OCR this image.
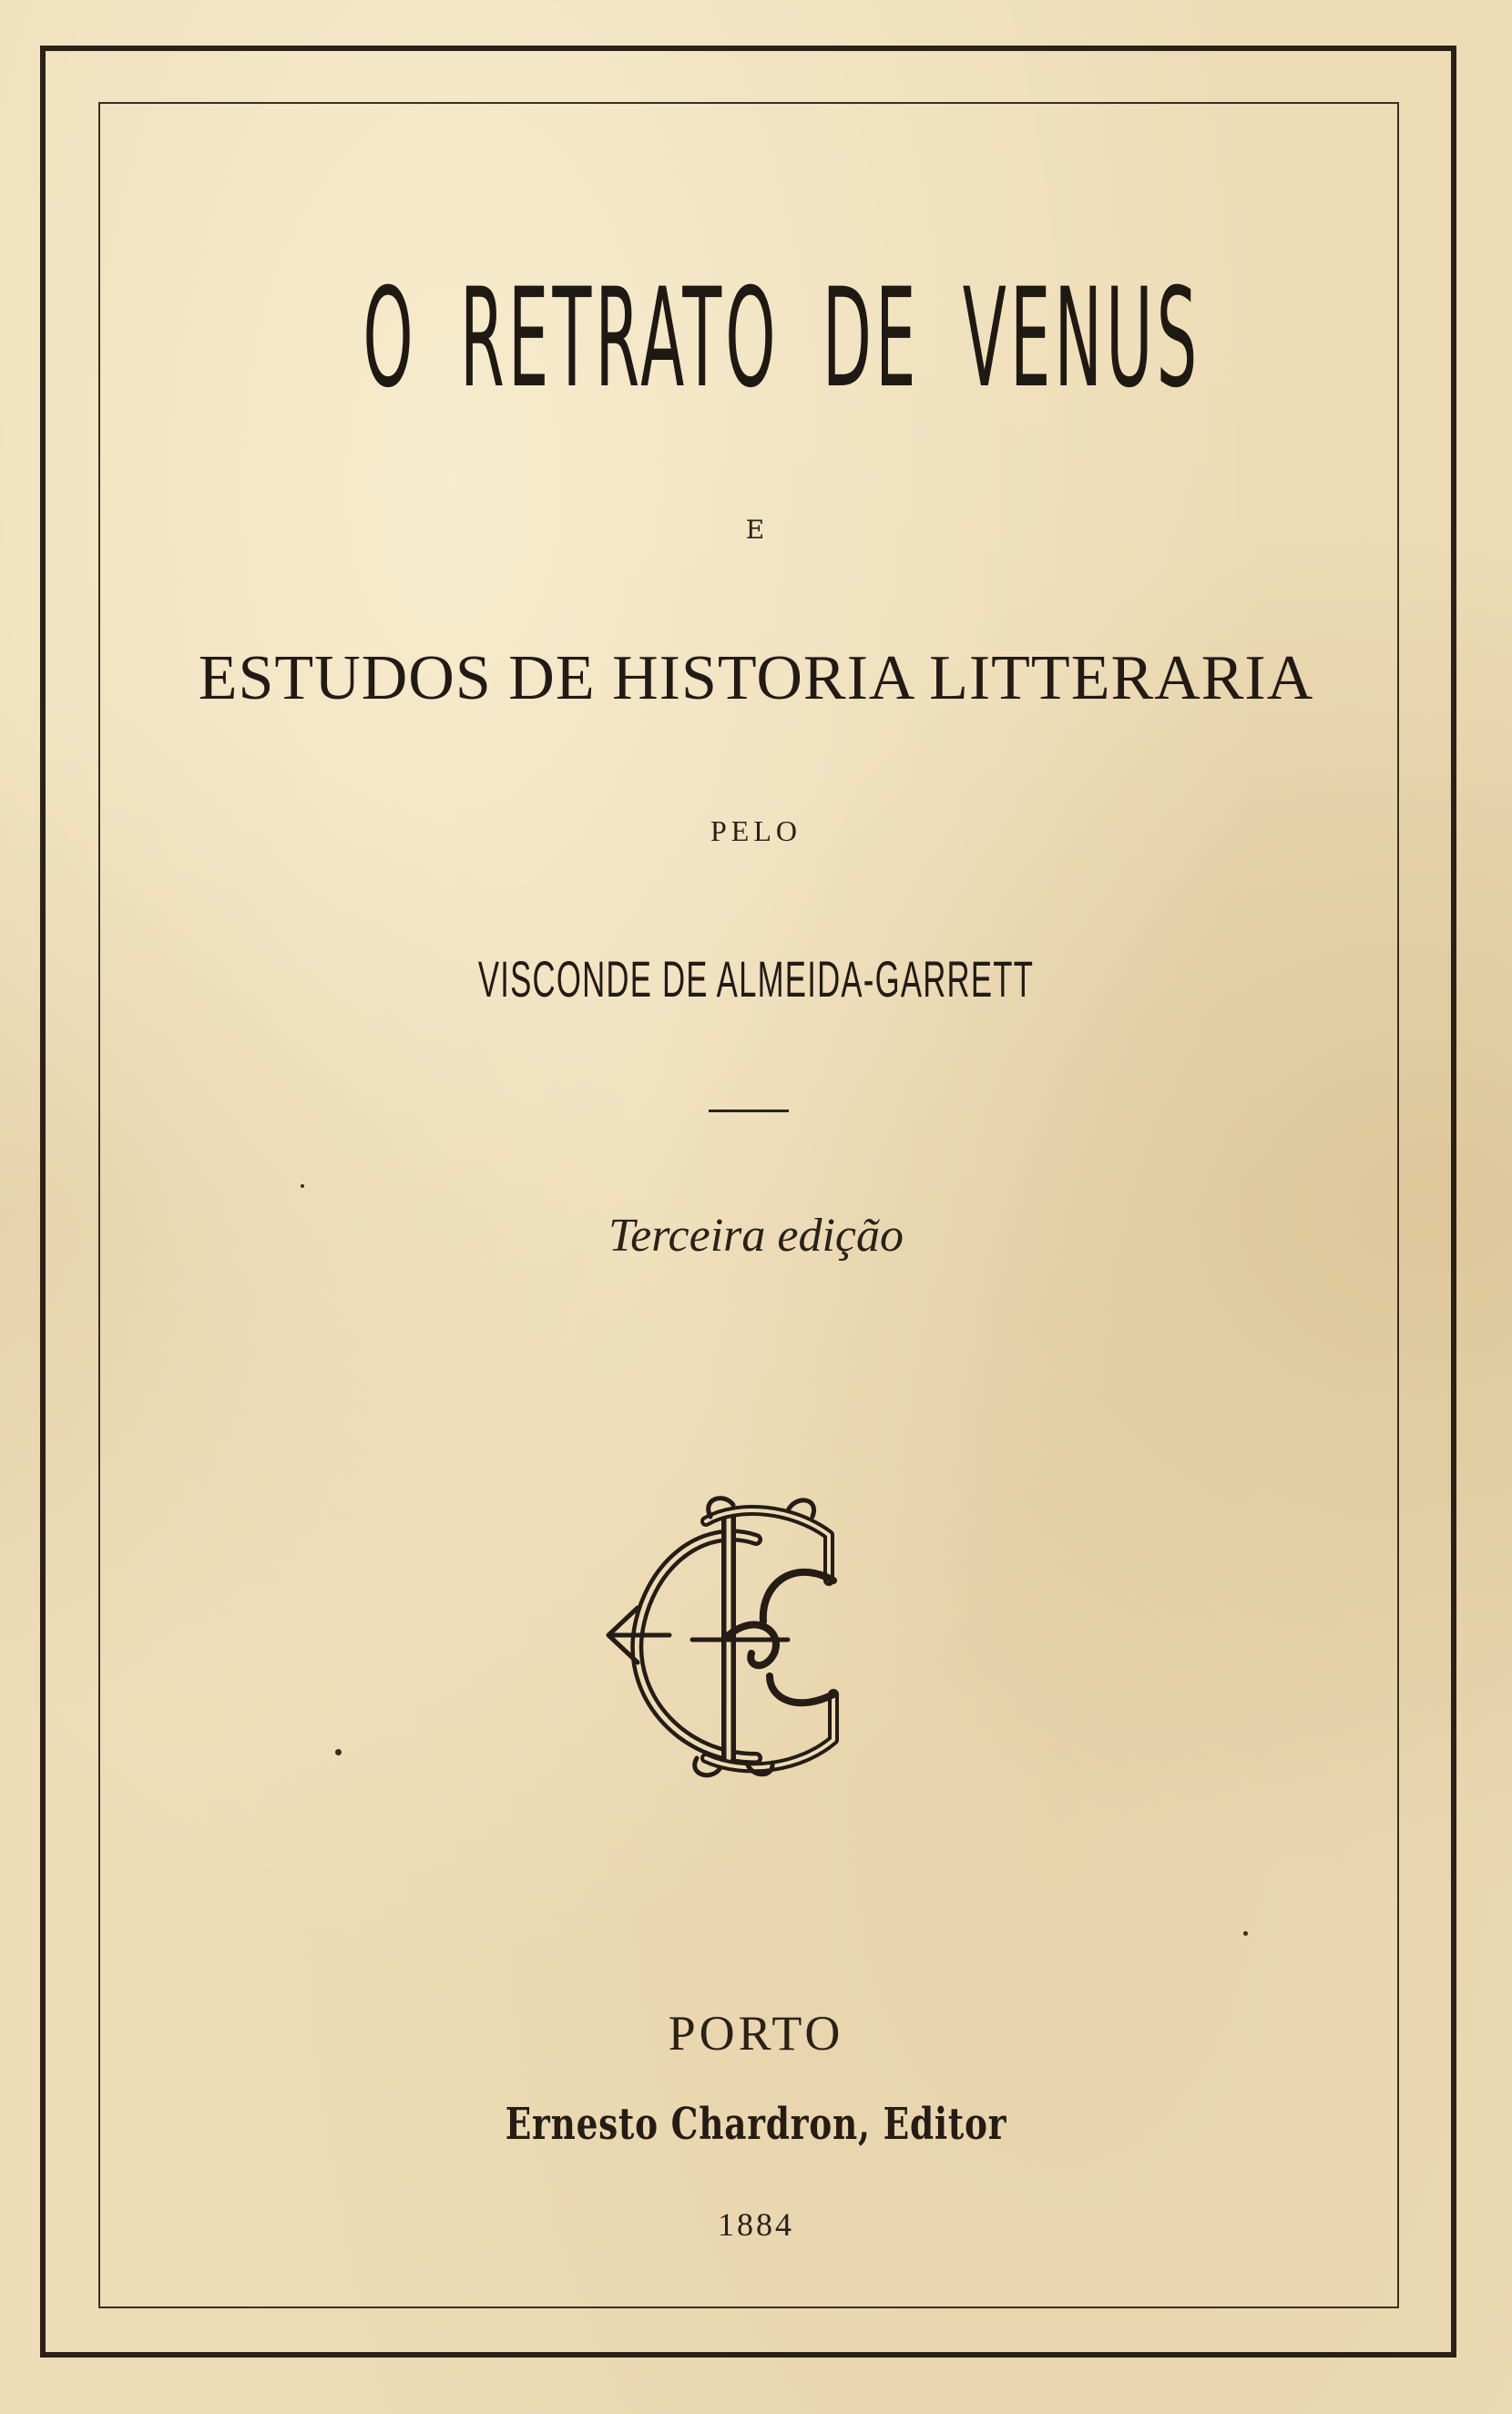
O RETRATO DE VENUS
E
ESTUDOS DE HISTORIA LITTERARIA
PELO
VISCONDE DE ALMEIDA-GARRETT
Terceira edição
PORTO
Ernesto Chardron, Editor
1884
